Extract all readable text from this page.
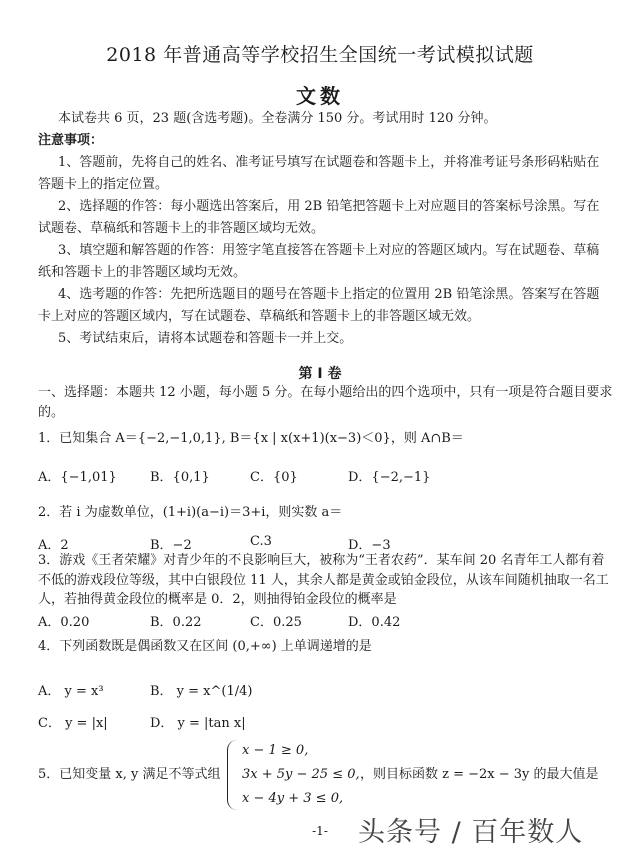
2018 年普通高等学校招生全国统一考试模拟试题
文数
本试卷共 6 页，23 题(含选考题)。全卷满分 150 分。考试用时 120 分钟。
注意事项：
1、答题前，先将自己的姓名、准考证号填写在试题卷和答题卡上，并将准考证号条形码粘贴在
答题卡上的指定位置。
2、选择题的作答：每小题选出答案后，用 2B 铅笔把答题卡上对应题目的答案标号涂黑。写在
试题卷、草稿纸和答题卡上的非答题区域均无效。
3、填空题和解答题的作答：用签字笔直接答在答题卡上对应的答题区域内。写在试题卷、草稿
纸和答题卡上的非答题区域均无效。
4、选考题的作答：先把所选题目的题号在答题卡上指定的位置用 2B 铅笔涂黑。答案写在答题
卡上对应的答题区域内，写在试题卷、草稿纸和答题卡上的非答题区域无效。
5、考试结束后，请将本试题卷和答题卡一并上交。
第 I 卷
一、选择题：本题共 12 小题，每小题 5 分。在每小题给出的四个选项中，只有一项是符合题目要求
的。
1．已知集合 A＝{−2,−1,0,1}, B＝{x | x(x+1)(x−3)＜0}，则 A∩B＝
A．{−1,01}	B．{0,1}	C．{0}	D．{−2,−1}
2．若 i 为虚数单位，(1+i)(a−i)＝3+i，则实数 a＝
A．2	B．−2	C.3	D．−3
3．游戏《王者荣耀》对青少年的不良影响巨大，被称为“王者农药”．某车间 20 名青年工人都有着
不低的游戏段位等级，其中白银段位 11 人，其余人都是黄金或铂金段位，从该车间随机抽取一名工
人，若抽得黄金段位的概率是 0．2，则抽得铂金段位的概率是
A．0.20	B．0.22	C．0.25	D．0.42
4．下列函数既是偶函数又在区间 (0,+∞) 上单调递增的是
A． y = x³	B． y = x^(1/4)
C． y = |x|	D． y = |tan x|
5．已知变量 x, y 满足不等式组
x − 1 ≥ 0,
3x + 5y − 25 ≤ 0,
x − 4y + 3 ≤ 0,
，则目标函数 z = −2x − 3y 的最大值是
-1-	头条号 / 百年数人
